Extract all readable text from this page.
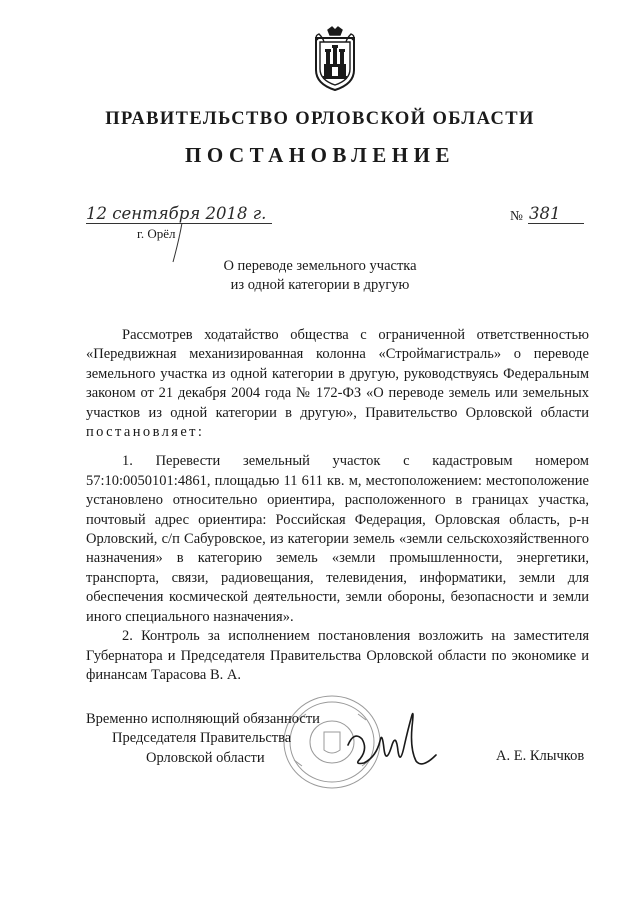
ПРАВИТЕЛЬСТВО ОРЛОВСКОЙ ОБЛАСТИ
ПОСТАНОВЛЕНИЕ
12 сентября 2018 г.
г. Орёл
№ 381
О переводе земельного участка
из одной категории в другую

Рассмотрев ходатайство общества с ограниченной ответственностью «Передвижная механизированная колонна «Строймагистраль» о переводе земельного участка из одной категории в другую, руководствуясь Федеральным законом от 21 декабря 2004 года № 172-ФЗ «О переводе земель или земельных участков из одной категории в другую», Правительство Орловской области постановляет:

1. Перевести земельный участок с кадастровым номером 57:10:0050101:4861, площадью 11 611 кв. м, местоположением: местоположение установлено относительно ориентира, расположенного в границах участка, почтовый адрес ориентира: Российская Федерация, Орловская область, р-н Орловский, с/п Сабуровское, из категории земель «земли сельскохозяйственного назначения» в категорию земель «земли промышленности, энергетики, транспорта, связи, радиовещания, телевидения, информатики, земли для обеспечения космической деятельности, земли обороны, безопасности и земли иного специального назначения».

2. Контроль за исполнением постановления возложить на заместителя Губернатора и Председателя Правительства Орловской области по экономике и финансам Тарасова В. А.

Временно исполняющий обязанности
Председателя Правительства
Орловской области	А. Е. Клычков
